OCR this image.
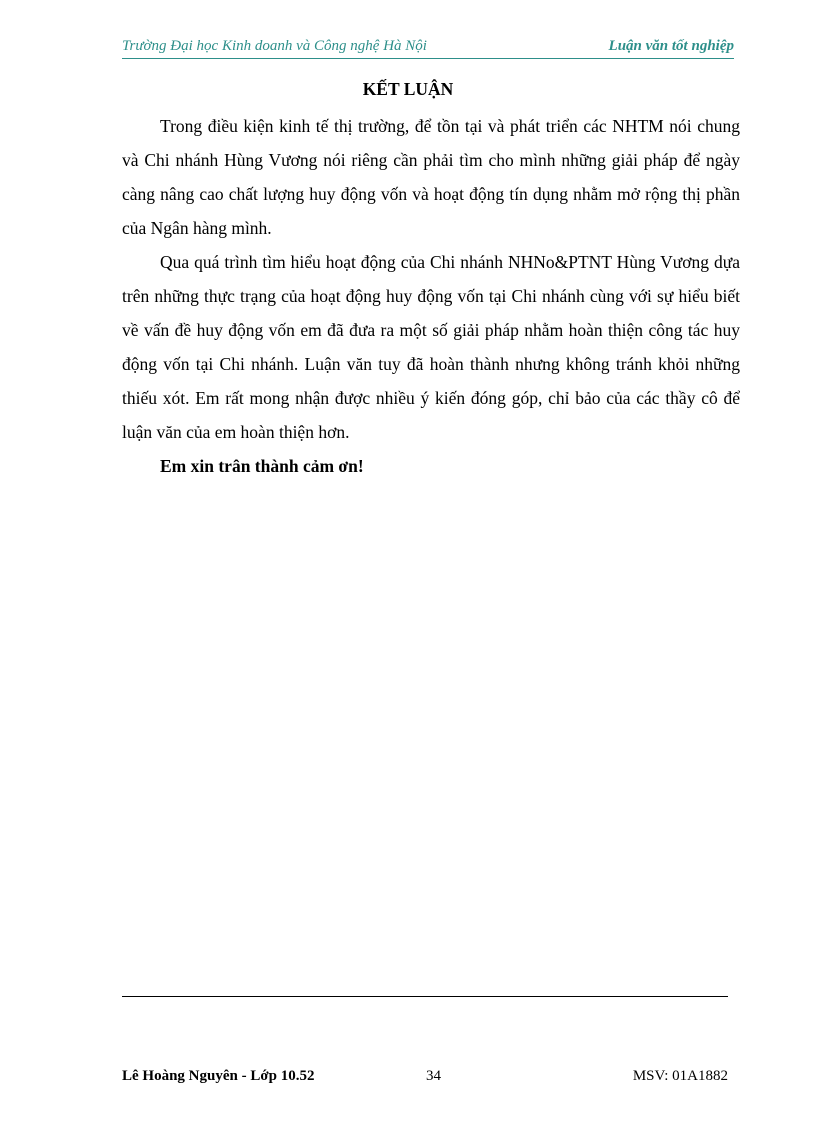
Trường Đại học Kinh doanh và Công nghệ Hà Nội	Luận văn tốt nghiệp
KẾT LUẬN

Trong điều kiện kinh tế thị trường, để tồn tại và phát triển các NHTM nói chung và Chi nhánh Hùng Vương nói riêng cần phải tìm cho mình những giải pháp để ngày càng nâng cao chất lượng huy động vốn và hoạt động tín dụng nhằm mở rộng thị phần của Ngân hàng mình.

Qua quá trình tìm hiểu hoạt động của Chi nhánh NHNo&PTNT Hùng Vương dựa trên những thực trạng của hoạt động huy động vốn tại Chi nhánh cùng với sự hiểu biết về vấn đề huy động vốn em đã đưa ra một số giải pháp nhằm hoàn thiện công tác huy động vốn tại Chi nhánh. Luận văn tuy đã hoàn thành nhưng không tránh khỏi những thiếu xót. Em rất mong nhận được nhiều ý kiến đóng góp, chỉ bảo của các thầy cô để luận văn của em hoàn thiện hơn.

Em xin trân thành cảm ơn!

Lê Hoàng Nguyên - Lớp 10.52	34	MSV: 01A1882
